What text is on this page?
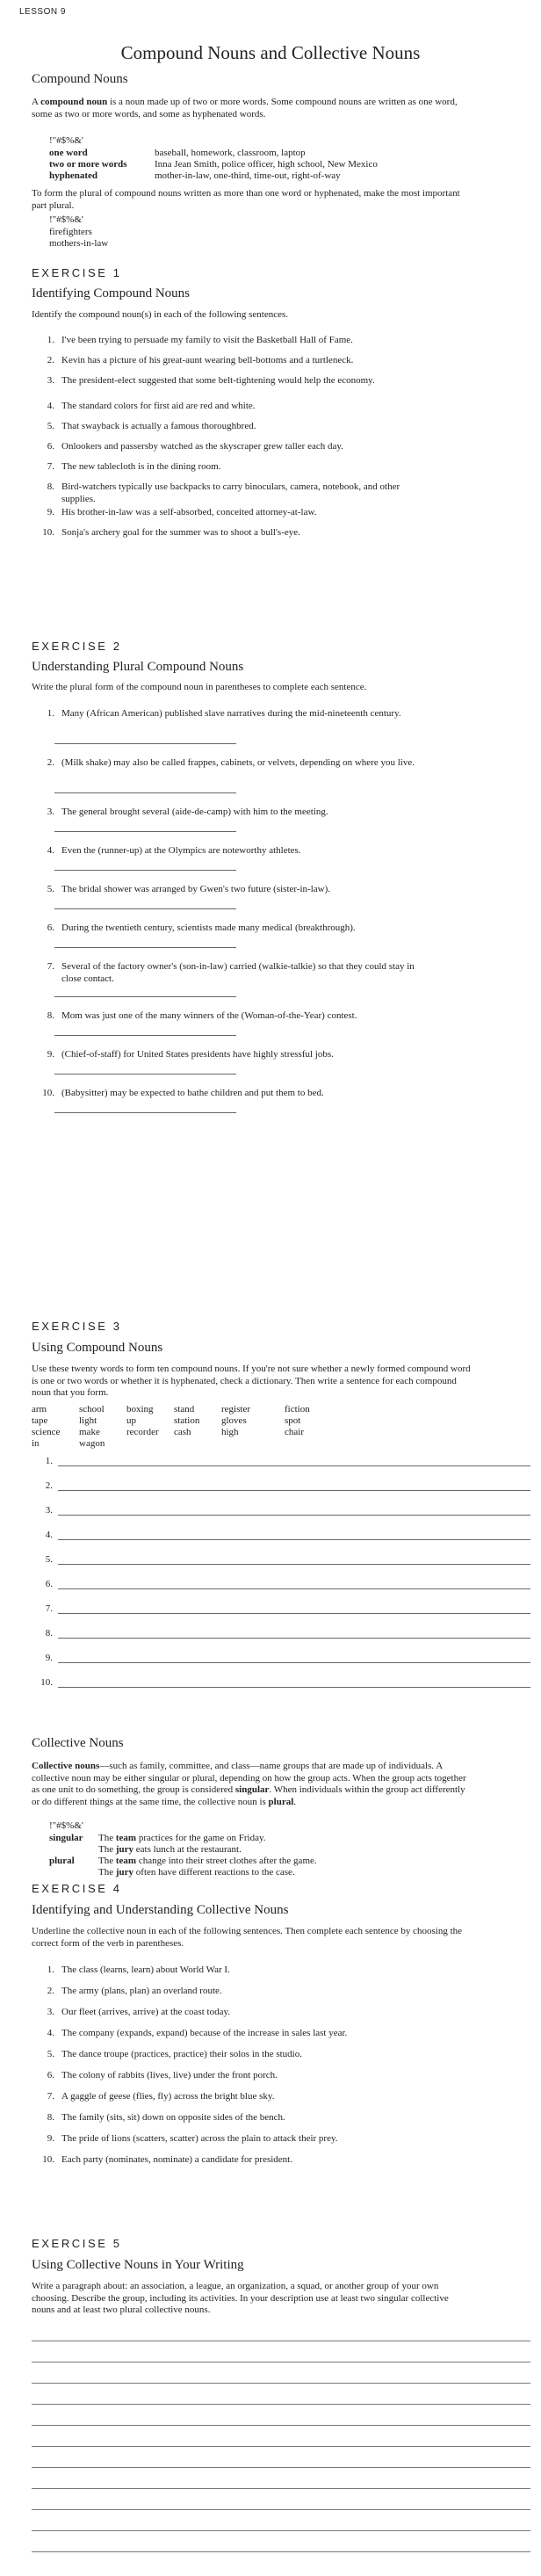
LESSON 9
Compound Nouns and Collective Nouns
Compound Nouns
A compound noun is a noun made up of two or more words. Some compound nouns are written as one word, some as two or more words, and some as hyphenated words.
!"#$%&'
one word	baseball, homework, classroom, laptop
two or more words	Inna Jean Smith, police officer, high school, New Mexico
hyphenated	mother-in-law, one-third, time-out, right-of-way
To form the plural of compound nouns written as more than one word or hyphenated, make the most important part plural.
!"#$%&'
firefighters
mothers-in-law
EXERCISE 1
Identifying Compound Nouns
Identify the compound noun(s) in each of the following sentences.
1. I've been trying to persuade my family to visit the Basketball Hall of Fame.
2. Kevin has a picture of his great-aunt wearing bell-bottoms and a turtleneck.
3. The president-elect suggested that some belt-tightening would help the economy.
4. The standard colors for first aid are red and white.
5. That swayback is actually a famous thoroughbred.
6. Onlookers and passersby watched as the skyscraper grew taller each day.
7. The new tablecloth is in the dining room.
8. Bird-watchers typically use backpacks to carry binoculars, camera, notebook, and other supplies.
9. His brother-in-law was a self-absorbed, conceited attorney-at-law.
10. Sonja's archery goal for the summer was to shoot a bull's-eye.
EXERCISE 2
Understanding Plural Compound Nouns
Write the plural form of the compound noun in parentheses to complete each sentence.
1. Many (African American) published slave narratives during the mid-nineteenth century.
2. (Milk shake) may also be called frappes, cabinets, or velvets, depending on where you live.
3. The general brought several (aide-de-camp) with him to the meeting.
4. Even the (runner-up) at the Olympics are noteworthy athletes.
5. The bridal shower was arranged by Gwen's two future (sister-in-law).
6. During the twentieth century, scientists made many medical (breakthrough).
7. Several of the factory owner's (son-in-law) carried (walkie-talkie) so that they could stay in close contact.
8. Mom was just one of the many winners of the (Woman-of-the-Year) contest.
9. (Chief-of-staff) for United States presidents have highly stressful jobs.
10. (Babysitter) may be expected to bathe children and put them to bed.
EXERCISE 3
Using Compound Nouns
Use these twenty words to form ten compound nouns. If you're not sure whether a newly formed compound word is one or two words or whether it is hyphenated, check a dictionary. Then write a sentence for each compound noun that you form.
arm	school	boxing	stand	register	fiction
tape	light	up	station	gloves	spot
science	make	recorder	cash	high	chair
in	wagon
1.
2.
3.
4.
5.
6.
7.
8.
9.
10.
Collective Nouns
Collective nouns—such as family, committee, and class—name groups that are made up of individuals. A collective noun may be either singular or plural, depending on how the group acts. When the group acts together as one unit to do something, the group is considered singular. When individuals within the group act differently or do different things at the same time, the collective noun is plural.
!"#$%&'
singular	The team practices for the game on Friday.
The jury eats lunch at the restaurant.
plural	The team change into their street clothes after the game.
The jury often have different reactions to the case.
EXERCISE 4
Identifying and Understanding Collective Nouns
Underline the collective noun in each of the following sentences. Then complete each sentence by choosing the correct form of the verb in parentheses.
1. The class (learns, learn) about World War I.
2. The army (plans, plan) an overland route.
3. Our fleet (arrives, arrive) at the coast today.
4. The company (expands, expand) because of the increase in sales last year.
5. The dance troupe (practices, practice) their solos in the studio.
6. The colony of rabbits (lives, live) under the front porch.
7. A gaggle of geese (flies, fly) across the bright blue sky.
8. The family (sits, sit) down on opposite sides of the bench.
9. The pride of lions (scatters, scatter) across the plain to attack their prey.
10. Each party (nominates, nominate) a candidate for president.
EXERCISE 5
Using Collective Nouns in Your Writing
Write a paragraph about: an association, a league, an organization, a squad, or another group of your own choosing. Describe the group, including its activities. In your description use at least two singular collective nouns and at least two plural collective nouns.
